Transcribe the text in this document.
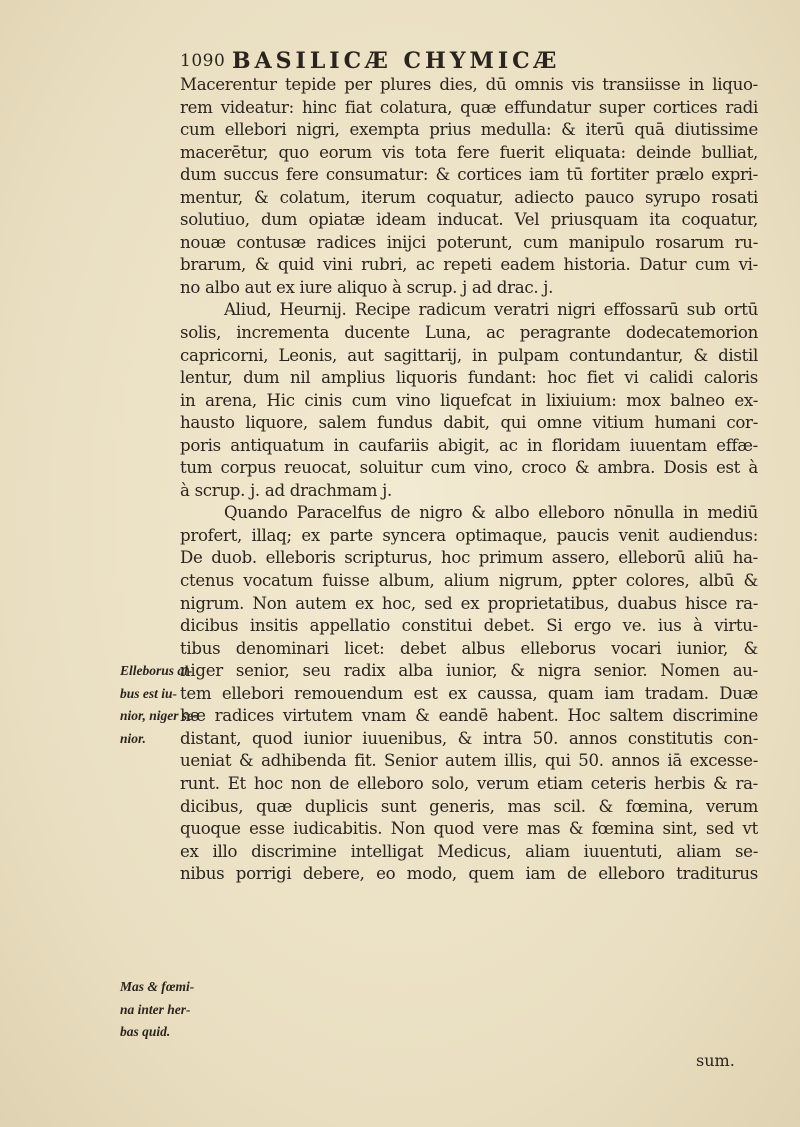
1090 BASILICÆ CHYMICÆ

Macerentur tepide per plures dies, dū omnis vis transiisse in liquo-

rem videatur: hinc fiat colatura, quæ effundatur super cortices radi

cum ellebori nigri, exempta prius medulla: & iterū quā diutissime

macerētur, quo eorum vis tota fere fuerit eliquata: deinde bulliat,

dum succus fere consumatur: & cortices iam tū fortiter prælo expri-

mentur, & colatum, iterum coquatur, adiecto pauco syrupo rosati

solutiuo, dum opiatæ ideam inducat. Vel priusquam ita coquatur,

nouæ contusæ radices inijci poterunt, cum manipulo rosarum ru-

brarum, & quid vini rubri, ac repeti eadem historia. Datur cum vi-

no albo aut ex iure aliquo à scrup. j ad drac. j.

Aliud, Heurnij. Recipe radicum veratri nigri effossarū sub ortū

solis, incrementa ducente Luna, ac peragrante dodecatemorion

capricorni, Leonis, aut sagittarij, in pulpam contundantur, & distil

lentur, dum nil amplius liquoris fundant: hoc fiet vi calidi caloris

in arena, Hic cinis cum vino liquefcat in lixiuium: mox balneo ex-

hausto liquore, salem fundus dabit, qui omne vitium humani cor-

poris antiquatum in caufariis abigit, ac in floridam iuuentam effæ-

tum corpus reuocat, soluitur cum vino, croco & ambra. Dosis est à

à scrup. j. ad drachmam j.

Quando Paracelfus de nigro & albo elleboro nōnulla in mediū

profert, illaq; ex parte syncera optimaque, paucis venit audiendus:

De duob. elleboris scripturus, hoc primum assero, elleborū aliū ha-

ctenus vocatum fuisse album, alium nigrum, ꝑpter colores, albū &

nigrum. Non autem ex hoc, sed ex proprietatibus, duabus hisce ra-

dicibus insitis appellatio constitui debet. Si ergo ve. ius à virtu-

tibus denominari licet: debet albus elleborus vocari iunior, &

niger senior, seu radix alba iunior, & nigra senior. Nomen au-

tem ellebori remouendum est ex caussa, quam iam tradam. Duæ

hæ radices virtutem vnam & eandē habent. Hoc saltem discrimine

distant, quod iunior iuuenibus, & intra 50. annos constitutis con-

ueniat & adhibenda fit. Senior autem illis, qui 50. annos iā excesse-

runt. Et hoc non de elleboro solo, verum etiam ceteris herbis & ra-

dicibus, quæ duplicis sunt generis, mas scil. & fœmina, verum

quoque esse iudicabitis. Non quod vere mas & fœmina sint, sed vt

ex illo discrimine intelligat Medicus, aliam iuuentuti, aliam se-

nibus porrigi debere, eo modo, quem iam de elleboro traditurus

sum.

Elleborus al-

bus est iu-

nior, niger se-

nior.

Mas & fœmi-

na inter her-

bas quid.
